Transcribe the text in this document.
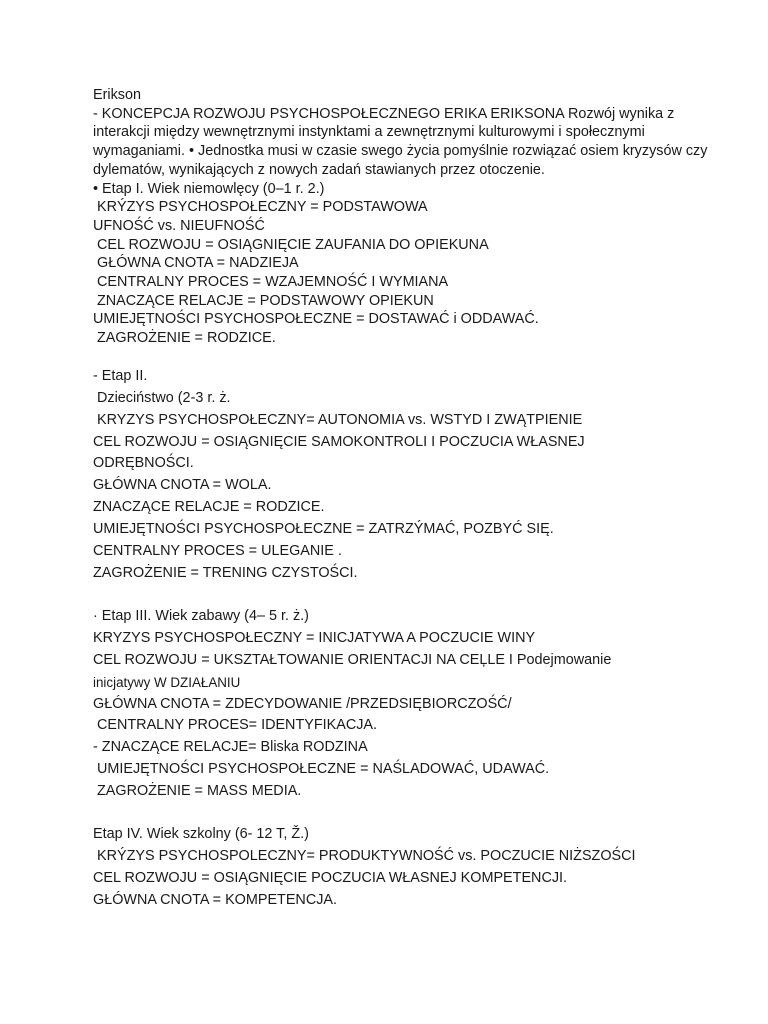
Erikson
- KONCEPCJA ROZWOJU PSYCHOSPOŁECZNEGO ERIKA ERIKSONA Rozwój wynika z interakcji między wewnętrznymi instynktami a zewnętrznymi kulturowymi i społecznymi wymaganiami. • Jednostka musi w czasie swego życia pomyślnie rozwiązać osiem kryzysów czy dylematów, wynikających z nowych zadań stawianych przez otoczenie.
• Etap I. Wiek niemowlęcy (0–1 r. 2.)
KRÝZYS PSYCHOSPOŁECZNY = PODSTAWOWA
UFNOŚĆ vs. NIEUFNOŚĆ
CEL ROZWOJU = OSIĄGNIĘCIE ZAUFANIA DO OPIEKUNA
GŁÓWNA CNOTA = NADZIEJA
CENTRALNY PROCES = WZAJEMNOŚĆ I WYMIANA
ZNACZĄCE RELACJE = PODSTAWOWY OPIEKUN
UMIEJĘTNOŚCI PSYCHOSPOŁECZNE = DOSTAWAĆ i ODDAWAĆ.
ZAGROŻENIE = RODZICE.
- Etap II.
Dzieciństwo (2-3 r. ż.
KRYZYS PSYCHOSPOŁECZNY= AUTONOMIA vs. WSTYD I ZWĄTPIENIE
CEL ROZWOJU = OSIĄGNIĘCIE SAMOKONTROLI I POCZUCIA WŁASNEJ
ODRĘBNOŚCI.
GŁÓWNA CNOTA = WOLA.
ZNACZĄCE RELACJE = RODZICE.
UMIEJĘTNOŚCI PSYCHOSPOŁECZNE = ZATRZÝMAĆ, POZBYĆ SIĘ.
CENTRALNY PROCES = ULEGANIE .
ZAGROŻENIE = TRENING CZYSTOŚCI.
· Etap III. Wiek zabawy (4– 5 r. ż.)
KRYZYS PSYCHOSPOŁECZNY = INICJATYWA A POCZUCIE WINY
CEL ROZWOJU = UKSZTAŁTOWANIE ORIENTACJI NA CEĻLE I Podejmowanie
inicjatywy W DZIAŁANIU
GŁÓWNA CNOTA = ZDECYDOWANIE /PRZEDSIĘBIORCZOŚĆ/
CENTRALNY PROCES= IDENTYFIKACJA.
- ZNACZĄCE RELACJE= Bliska RODZINA
UMIEJĘTNOŚCI PSYCHOSPOŁECZNE = NAŚLADOWAĆ, UDAWAĆ.
ZAGROŻENIE = MASS MEDIA.
Etap IV. Wiek szkolny (6- 12 T, Ž.)
KRÝZYS PSYCHOSPOLECZNY= PRODUKTYWNOŚĆ vs. POCZUCIE NIŻSZOŚCI
CEL ROZWOJU = OSIĄGNIĘCIE POCZUCIA WŁASNEJ KOMPETENCJI.
GŁÓWNA CNOTA = KOMPETENCJA.
